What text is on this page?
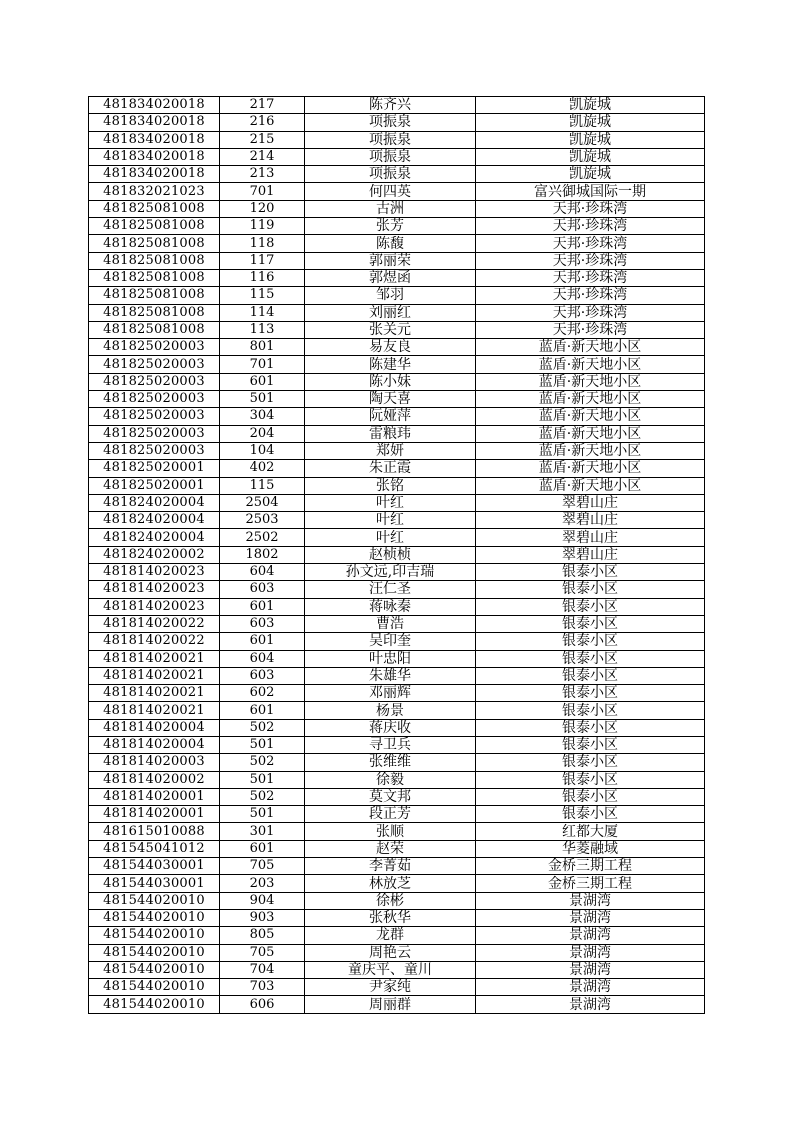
481834020018	217	陈齐兴	凯旋城
481834020018	216	项振泉	凯旋城
481834020018	215	项振泉	凯旋城
481834020018	214	项振泉	凯旋城
481834020018	213	项振泉	凯旋城
481832021023	701	何四英	富兴御城国际一期
481825081008	120	古洲	天邦·珍珠湾
481825081008	119	张芳	天邦·珍珠湾
481825081008	118	陈馥	天邦·珍珠湾
481825081008	117	郭丽荣	天邦·珍珠湾
481825081008	116	郭煜函	天邦·珍珠湾
481825081008	115	邹羽	天邦·珍珠湾
481825081008	114	刘丽红	天邦·珍珠湾
481825081008	113	张关元	天邦·珍珠湾
481825020003	801	易友良	蓝盾·新天地小区
481825020003	701	陈建华	蓝盾·新天地小区
481825020003	601	陈小妹	蓝盾·新天地小区
481825020003	501	陶天喜	蓝盾·新天地小区
481825020003	304	阮娅萍	蓝盾·新天地小区
481825020003	204	雷粮玮	蓝盾·新天地小区
481825020003	104	郑妍	蓝盾·新天地小区
481825020001	402	朱正霞	蓝盾·新天地小区
481825020001	115	张铭	蓝盾·新天地小区
481824020004	2504	叶红	翠碧山庄
481824020004	2503	叶红	翠碧山庄
481824020004	2502	叶红	翠碧山庄
481824020002	1802	赵桢桢	翠碧山庄
481814020023	604	孙文远,印吉瑞	银泰小区
481814020023	603	汪仁圣	银泰小区
481814020023	601	蒋咏秦	银泰小区
481814020022	603	曹浩	银泰小区
481814020022	601	吴印奎	银泰小区
481814020021	604	叶忠阳	银泰小区
481814020021	603	朱雄华	银泰小区
481814020021	602	邓丽辉	银泰小区
481814020021	601	杨景	银泰小区
481814020004	502	蒋庆收	银泰小区
481814020004	501	寻卫兵	银泰小区
481814020003	502	张维维	银泰小区
481814020002	501	徐毅	银泰小区
481814020001	502	莫文邦	银泰小区
481814020001	501	段正芳	银泰小区
481615010088	301	张顺	红都大厦
481545041012	601	赵荣	华菱融域
481544030001	705	李菁茹	金桥三期工程
481544030001	203	林放芝	金桥三期工程
481544020010	904	徐彬	景湖湾
481544020010	903	张秋华	景湖湾
481544020010	805	龙群	景湖湾
481544020010	705	周艳云	景湖湾
481544020010	704	童庆平、童川	景湖湾
481544020010	703	尹家纯	景湖湾
481544020010	606	周丽群	景湖湾
